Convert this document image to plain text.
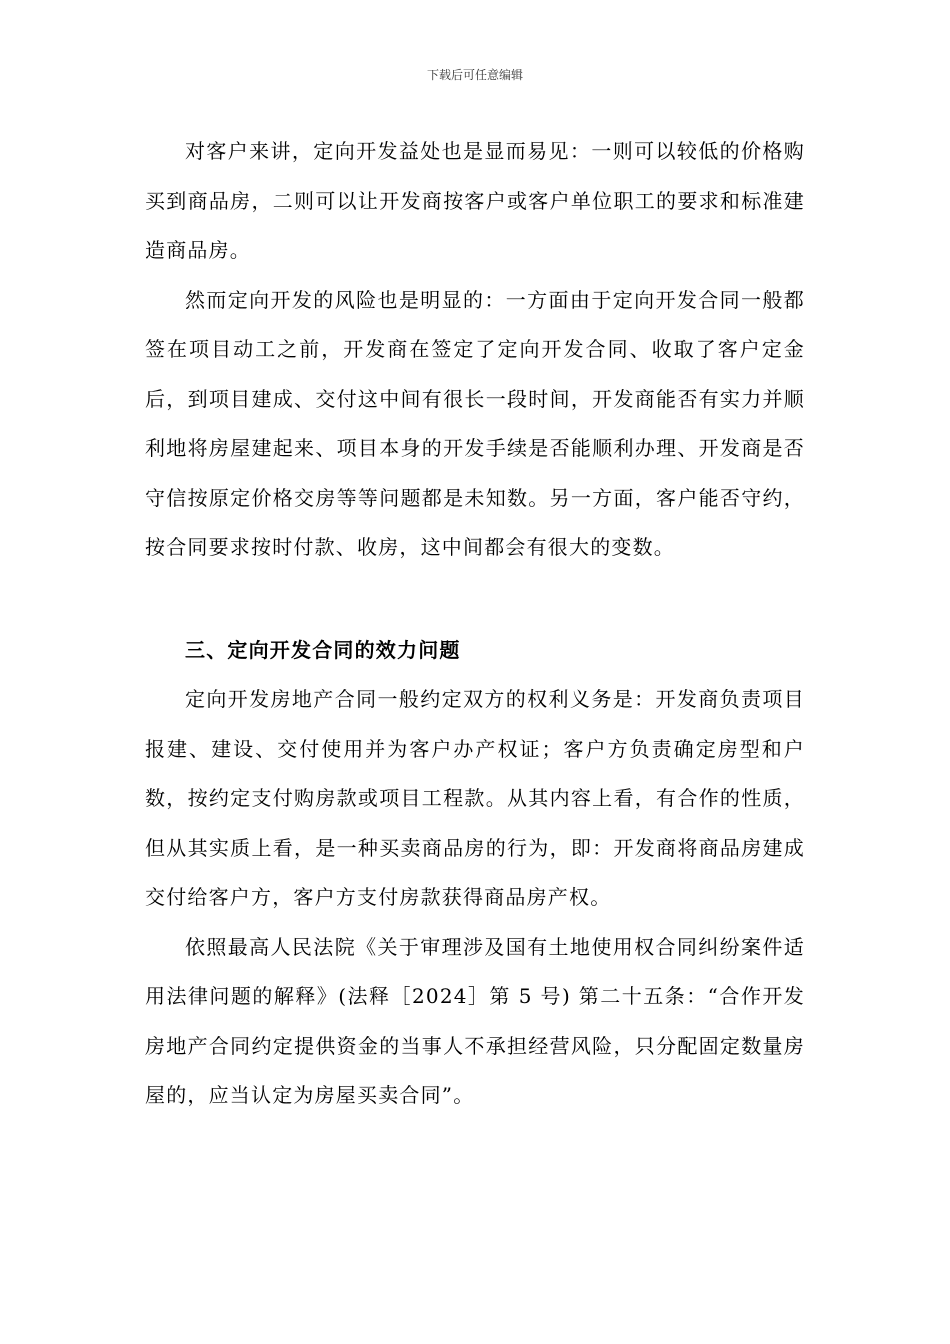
下载后可任意编辑

对客户来讲，定向开发益处也是显而易见：一则可以较低的价格购买到商品房，二则可以让开发商按客户或客户单位职工的要求和标准建造商品房。

然而定向开发的风险也是明显的：一方面由于定向开发合同一般都签在项目动工之前，开发商在签定了定向开发合同、收取了客户定金后，到项目建成、交付这中间有很长一段时间，开发商能否有实力并顺利地将房屋建起来、项目本身的开发手续是否能顺利办理、开发商是否守信按原定价格交房等等问题都是未知数。另一方面，客户能否守约，按合同要求按时付款、收房，这中间都会有很大的变数。

三、定向开发合同的效力问题

定向开发房地产合同一般约定双方的权利义务是：开发商负责项目报建、建设、交付使用并为客户办产权证；客户方负责确定房型和户数，按约定支付购房款或项目工程款。从其内容上看，有合作的性质，但从其实质上看，是一种买卖商品房的行为，即：开发商将商品房建成交付给客户方，客户方支付房款获得商品房产权。

依照最高人民法院《关于审理涉及国有土地使用权合同纠纷案件适用法律问题的解释》(法释［2024］第 5 号) 第二十五条：“合作开发房地产合同约定提供资金的当事人不承担经营风险，只分配固定数量房屋的，应当认定为房屋买卖合同”。
